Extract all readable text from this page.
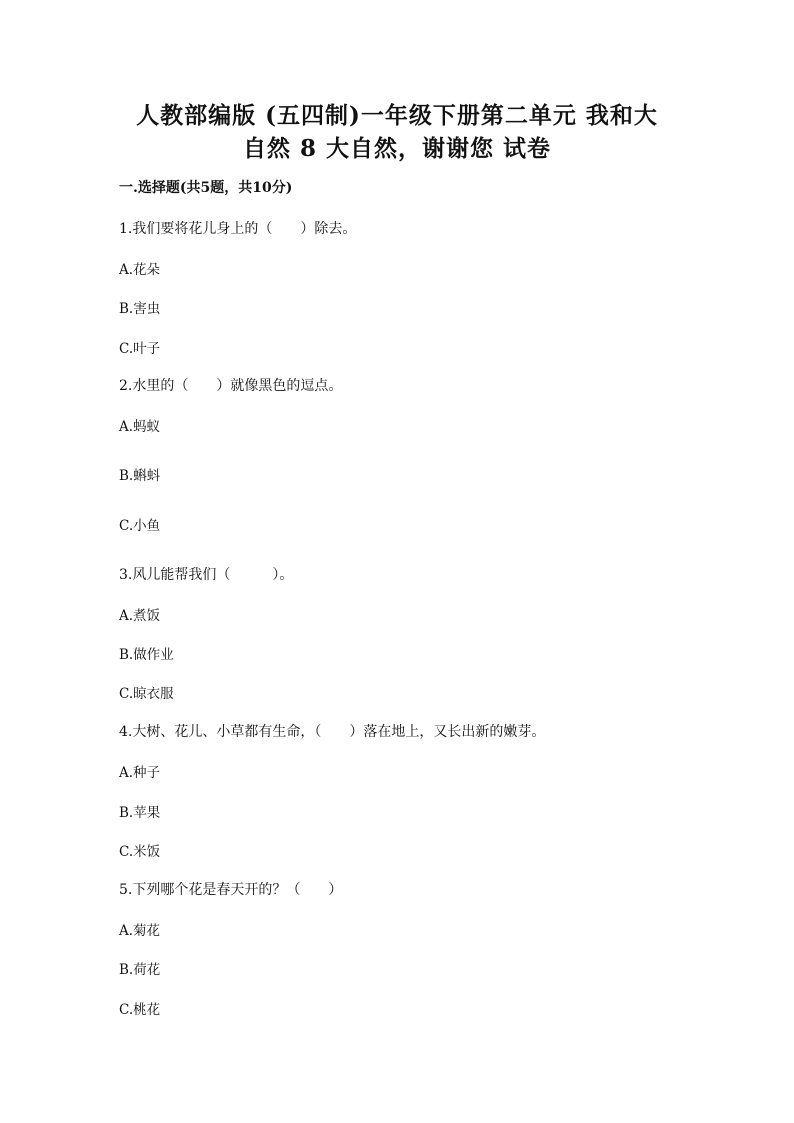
人教部编版 (五四制)一年级下册第二单元 我和大
自然 8 大自然，谢谢您 试卷
一.选择题(共5题，共10分)
1.我们要将花儿身上的（　　）除去。
A.花朵
B.害虫
C.叶子
2.水里的（　　）就像黑色的逗点。
A.蚂蚁
B.蝌蚪
C.小鱼
3.风儿能帮我们（　　　）。
A.煮饭
B.做作业
C.晾衣服
4.大树、花儿、小草都有生命，（　　）落在地上，又长出新的嫩芽。
A.种子
B.苹果
C.米饭
5.下列哪个花是春天开的？（　　）
A.菊花
B.荷花
C.桃花
